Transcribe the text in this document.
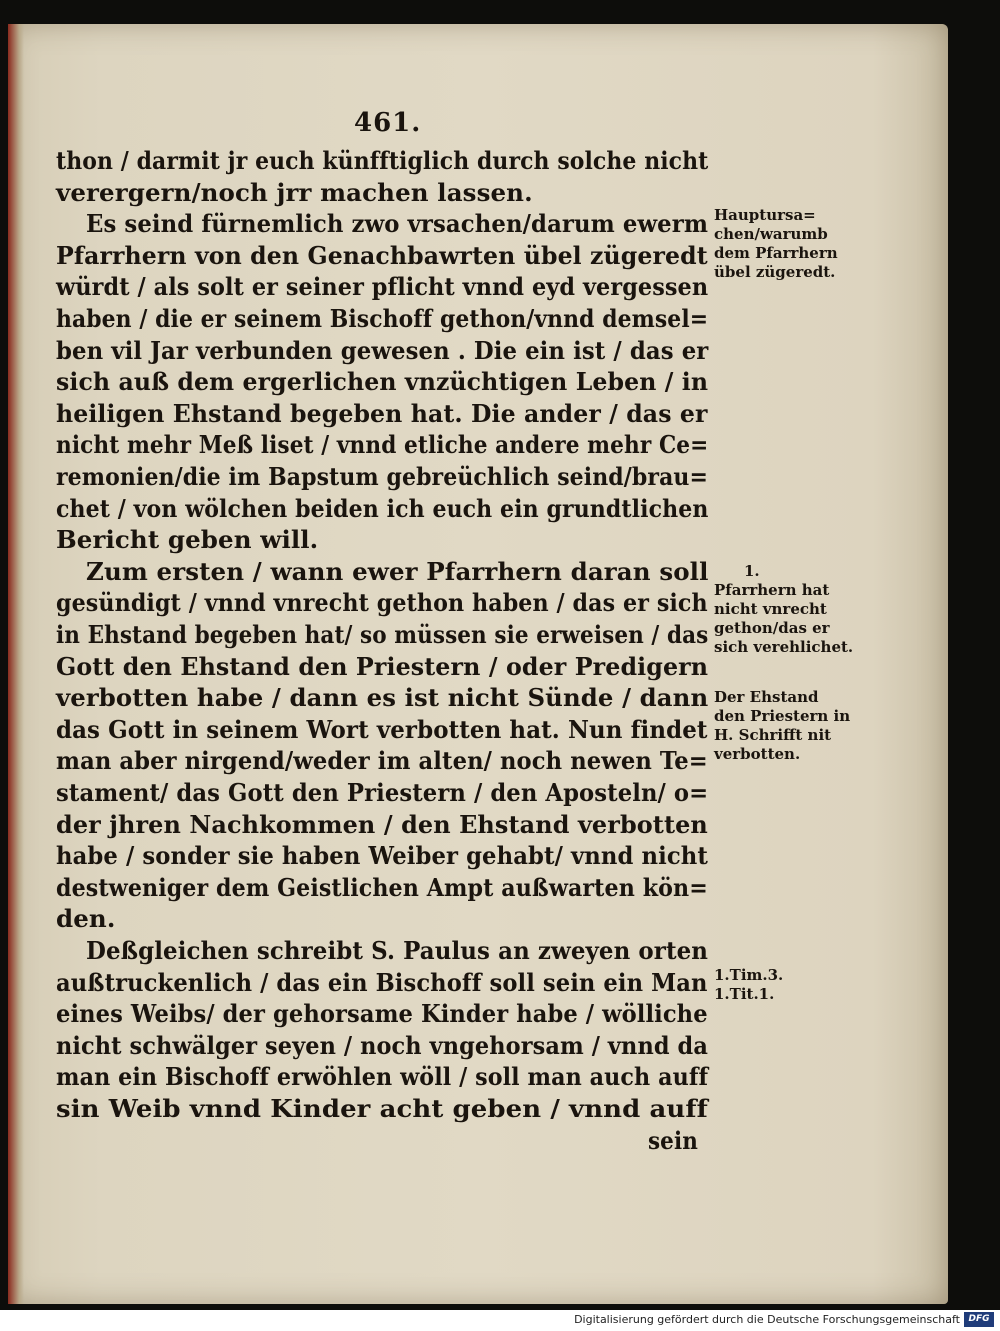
461.
thon / darmit jr euch künfftiglich durch solche nicht
verergern/noch jrr machen lassen.
Es seind fürnemlich zwo vrsachen/darum ewerm
Pfarrhern von den Genachbawrten übel zügeredt
würdt / als solt er seiner pflicht vnnd eyd vergessen
haben / die er seinem Bischoff gethon/vnnd demsel=
ben vil Jar verbunden gewesen . Die ein ist / das er
sich auß dem ergerlichen vnzüchtigen Leben / in
heiligen Ehstand begeben hat. Die ander / das er
nicht mehr Meß liset / vnnd etliche andere mehr Ce=
remonien/die im Bapstum gebreüchlich seind/brau=
chet / von wölchen beiden ich euch ein grundtlichen
Bericht geben will.
Zum ersten / wann ewer Pfarrhern daran soll
gesündigt / vnnd vnrecht gethon haben / das er sich
in Ehstand begeben hat/ so müssen sie erweisen / das
Gott den Ehstand den Priestern / oder Predigern
verbotten habe / dann es ist nicht Sünde / dann
das Gott in seinem Wort verbotten hat. Nun findet
man aber nirgend/weder im alten/ noch newen Te=
stament/ das Gott den Priestern / den Aposteln/ o=
der jhren Nachkommen / den Ehstand verbotten
habe / sonder sie haben Weiber gehabt/ vnnd nicht
destweniger dem Geistlichen Ampt außwarten kön=
den.
Deßgleichen schreibt S. Paulus an zweyen orten
außtruckenlich / das ein Bischoff soll sein ein Man
eines Weibs/ der gehorsame Kinder habe / wölliche
nicht schwälger seyen / noch vngehorsam / vnnd da
man ein Bischoff erwöhlen wöll / soll man auch auff
sin Weib vnnd Kinder acht geben / vnnd auff
sein
Hauptursa=
chen/warumb
dem Pfarrhern
übel zügeredt.
1.
Pfarrhern hat
nicht vnrecht
gethon/das er
sich verehlichet.
Der Ehstand
den Priestern in
H. Schrifft nit
verbotten.
1.Tim.3.
1.Tit.1.
Digitalisierung gefördert durch die Deutsche Forschungsgemeinschaft DFG
